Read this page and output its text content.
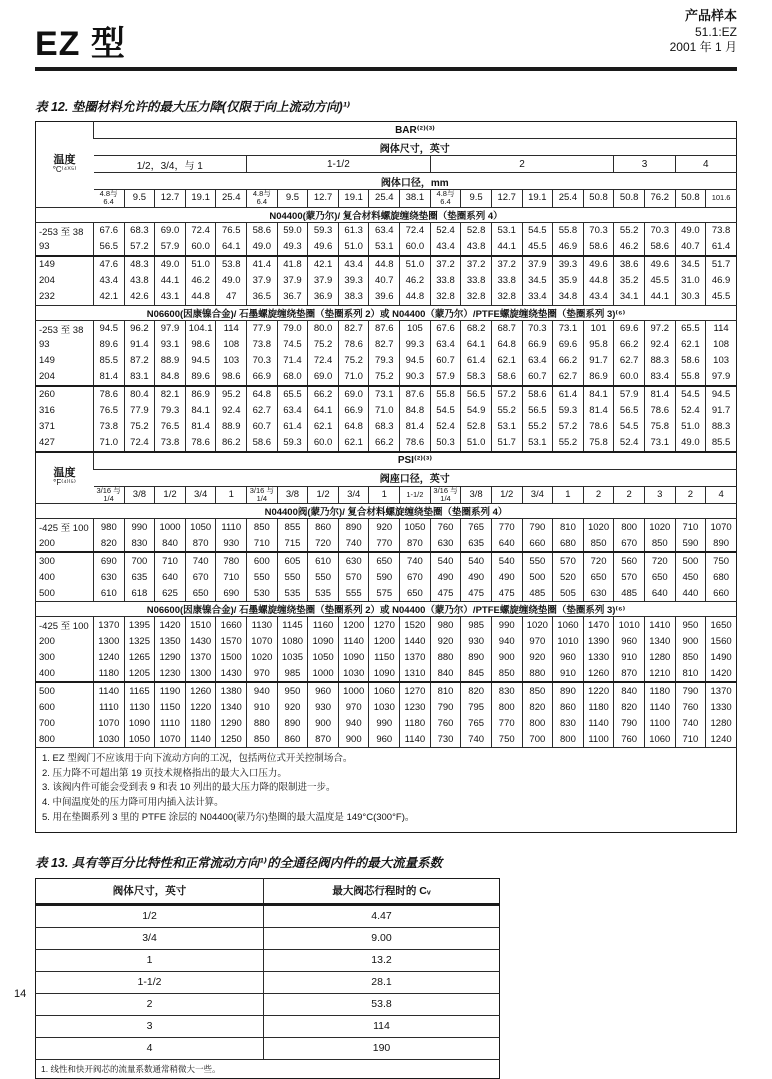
EZ 型
产品样本
51.1:EZ
2001 年 1 月
表 12. 垫圈材料允许的最大压力降(仅限于向上流动方向)¹⁾
温度
°C⁽⁴⁾⁽⁵⁾	BAR⁽²⁾⁽³⁾																				
	阀体尺寸，英寸																				
	1/2，3/4，与 1					1-1/2						2						3		4	
	阀体口径，mm																				
	4.8与6.4	9.5	12.7	19.1	25.4	4.8与6.4	9.5	12.7	19.1	25.4	38.1	4.8与6.4	9.5	12.7	19.1	25.4	50.8	50.8	76.2	50.8	101.6
N04400(蒙乃尔)/ 复合材料螺旋缠绕垫圈（垫圈系列 4）																					
-253 至 38	67.6	68.3	69.0	72.4	76.5	58.6	59.0	59.3	61.3	63.4	72.4	52.4	52.8	53.1	54.5	55.8	70.3	55.2	70.3	49.0	73.8
93	56.5	57.2	57.9	60.0	64.1	49.0	49.3	49.6	51.0	53.1	60.0	43.4	43.8	44.1	45.5	46.9	58.6	46.2	58.6	40.7	61.4
149	47.6	48.3	49.0	51.0	53.8	41.4	41.8	42.1	43.4	44.8	51.0	37.2	37.2	37.2	37.9	39.3	49.6	38.6	49.6	34.5	51.7
204	43.4	43.8	44.1	46.2	49.0	37.9	37.9	37.9	39.3	40.7	46.2	33.8	33.8	33.8	34.5	35.9	44.8	35.2	45.5	31.0	46.9
232	42.1	42.6	43.1	44.8	47	36.5	36.7	36.9	38.3	39.6	44.8	32.8	32.8	32.8	33.4	34.8	43.4	34.1	44.1	30.3	45.5
N06600(因康镍合金)/ 石墨螺旋缠绕垫圈（垫圈系列 2）或 N04400（蒙乃尔）/PTFE螺旋缠绕垫圈（垫圈系列 3)⁽⁶⁾																					
-253 至 38	94.5	96.2	97.9	104.1	114	77.9	79.0	80.0	82.7	87.6	105	67.6	68.2	68.7	70.3	73.1	101	69.6	97.2	65.5	114
93	89.6	91.4	93.1	98.6	108	73.8	74.5	75.2	78.6	82.7	99.3	63.4	64.1	64.8	66.9	69.6	95.8	66.2	92.4	62.1	108
149	85.5	87.2	88.9	94.5	103	70.3	71.4	72.4	75.2	79.3	94.5	60.7	61.4	62.1	63.4	66.2	91.7	62.7	88.3	58.6	103
204	81.4	83.1	84.8	89.6	98.6	66.9	68.0	69.0	71.0	75.2	90.3	57.9	58.3	58.6	60.7	62.7	86.9	60.0	83.4	55.8	97.9
260	78.6	80.4	82.1	86.9	95.2	64.8	65.5	66.2	69.0	73.1	87.6	55.8	56.5	57.2	58.6	61.4	84.1	57.9	81.4	54.5	94.5
316	76.5	77.9	79.3	84.1	92.4	62.7	63.4	64.1	66.9	71.0	84.8	54.5	54.9	55.2	56.5	59.3	81.4	56.5	78.6	52.4	91.7
371	73.8	75.2	76.5	81.4	88.9	60.7	61.4	62.1	64.8	68.3	81.4	52.4	52.8	53.1	55.2	57.2	78.6	54.5	75.8	51.0	88.3
427	71.0	72.4	73.8	78.6	86.2	58.6	59.3	60.0	62.1	66.2	78.6	50.3	51.0	51.7	53.1	55.2	75.8	52.4	73.1	49.0	85.5

温度
°F⁽⁴⁾⁽⁵⁾	PSI⁽²⁾⁽³⁾																				
	阀座口径，英寸																				
	3/16 与 1/4	3/8	1/2	3/4	1	3/16 与 1/4	3/8	1/2	3/4	1	1-1/2	3/16 与 1/4	3/8	1/2	3/4	1	2	2	3	2	4
N04400阀(蒙乃尔)/ 复合材料螺旋缠绕垫圈（垫圈系列 4）																					
-425 至 100	980	990	1000	1050	1110	850	855	860	890	920	1050	760	765	770	790	810	1020	800	1020	710	1070
200	820	830	840	870	930	710	715	720	740	770	870	630	635	640	660	680	850	670	850	590	890
300	690	700	710	740	780	600	605	610	630	650	740	540	540	540	550	570	720	560	720	500	750
400	630	635	640	670	710	550	550	550	570	590	670	490	490	490	500	520	650	570	650	450	680
500	610	618	625	650	690	530	535	535	555	575	650	475	475	475	485	505	630	485	640	440	660
N06600(因康镍合金)/ 石墨螺旋缠绕垫圈（垫圈系列 2）或 N04400（蒙乃尔）/PTFE螺旋缠绕垫圈（垫圈系列 3)⁽⁶⁾																					
-425 至 100	1370	1395	1420	1510	1660	1130	1145	1160	1200	1270	1520	980	985	990	1020	1060	1470	1010	1410	950	1650
200	1300	1325	1350	1430	1570	1070	1080	1090	1140	1200	1440	920	930	940	970	1010	1390	960	1340	900	1560
300	1240	1265	1290	1370	1500	1020	1035	1050	1090	1150	1370	880	890	900	920	960	1330	910	1280	850	1490
400	1180	1205	1230	1300	1430	970	985	1000	1030	1090	1310	840	845	850	880	910	1260	870	1210	810	1420
500	1140	1165	1190	1260	1380	940	950	960	1000	1060	1270	810	820	830	850	890	1220	840	1180	790	1370
600	1110	1130	1150	1220	1340	910	920	930	970	1030	1230	790	795	800	820	860	1180	820	1140	760	1330
700	1070	1090	1110	1180	1290	880	890	900	940	990	1180	760	765	770	800	830	1140	790	1100	740	1280
800	1030	1050	1070	1140	1250	850	860	870	900	960	1140	730	740	750	700	800	1100	760	1060	710	1240

1. EZ 型阀门不应该用于向下流动方向的工况，包括两位式开关控制场合。
2. 压力降不可超出第 19 页技术规格指出的最大入口压力。
3. 该阀内件可能会受到表 9 和表 10 列出的最大压力降的限制进一步。
4. 中间温度处的压力降可用内插入法计算。
5. 用在垫圈系列 3 里的 PTFE 涂层的 N04400(蒙乃尔)垫圈的最大温度是 149°C(300°F)。																					
表 13. 具有等百分比特性和正常流动方向¹⁾的全通径阀内件的最大流量系数
阀体尺寸，英寸	最大阀芯行程时的 Cᵥ
1/2	4.47
3/4	9.00
1	13.2
1-1/2	28.1
2	53.8
3	114
4	190
1. 线性和快开阀芯的流量系数通常稍微大一些。	
14
